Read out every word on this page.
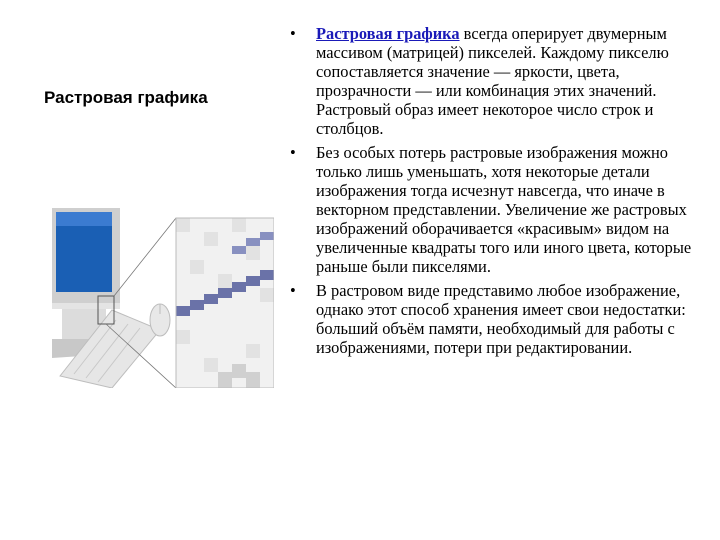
Растровая графика
•	Растровая графика всегда оперирует двумерным массивом (матрицей) пикселей. Каждому пикселю сопоставляется значение — яркости, цвета, прозрачности — или комбинация этих значений. Растровый образ имеет некоторое число строк и столбцов.
•	Без особых потерь растровые изображения можно только лишь уменьшать, хотя некоторые детали изображения тогда исчезнут навсегда, что иначе в векторном представлении. Увеличение же растровых изображений оборачивается «красивым» видом на увеличенные квадраты того или иного цвета, которые раньше были пикселями.
•	В растровом виде представимо любое изображение, однако этот способ хранения имеет свои недостатки: больший объём памяти, необходимый для работы с изображениями, потери при редактировании.
